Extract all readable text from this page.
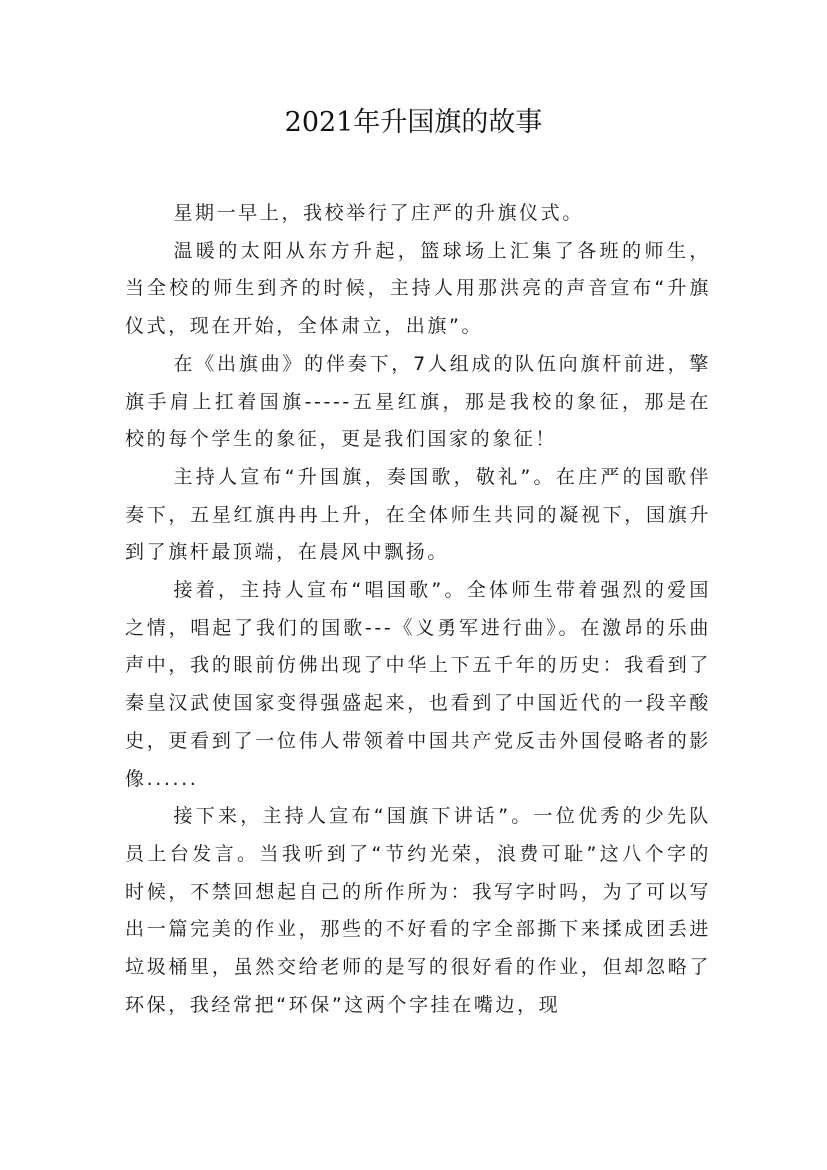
2021年升国旗的故事

星期一早上，我校举行了庄严的升旗仪式。

温暖的太阳从东方升起，篮球场上汇集了各班的师生，当全校的师生到齐的时候，主持人用那洪亮的声音宣布“升旗仪式，现在开始，全体肃立，出旗”。

在《出旗曲》的伴奏下，7人组成的队伍向旗杆前进，擎旗手肩上扛着国旗-----五星红旗，那是我校的象征，那是在校的每个学生的象征，更是我们国家的象征！

主持人宣布“升国旗，奏国歌，敬礼”。在庄严的国歌伴奏下，五星红旗冉冉上升，在全体师生共同的凝视下，国旗升到了旗杆最顶端，在晨风中飘扬。

接着，主持人宣布“唱国歌”。全体师生带着强烈的爱国之情，唱起了我们的国歌---《义勇军进行曲》。在激昂的乐曲声中，我的眼前仿佛出现了中华上下五千年的历史：我看到了秦皇汉武使国家变得强盛起来，也看到了中国近代的一段辛酸史，更看到了一位伟人带领着中国共产党反击外国侵略者的影像......

接下来，主持人宣布“国旗下讲话”。一位优秀的少先队员上台发言。当我听到了“节约光荣，浪费可耻”这八个字的时候，不禁回想起自己的所作所为：我写字时吗，为了可以写出一篇完美的作业，那些的不好看的字全部撕下来揉成团丢进垃圾桶里，虽然交给老师的是写的很好看的作业，但却忽略了环保，我经常把“环保”这两个字挂在嘴边，现
